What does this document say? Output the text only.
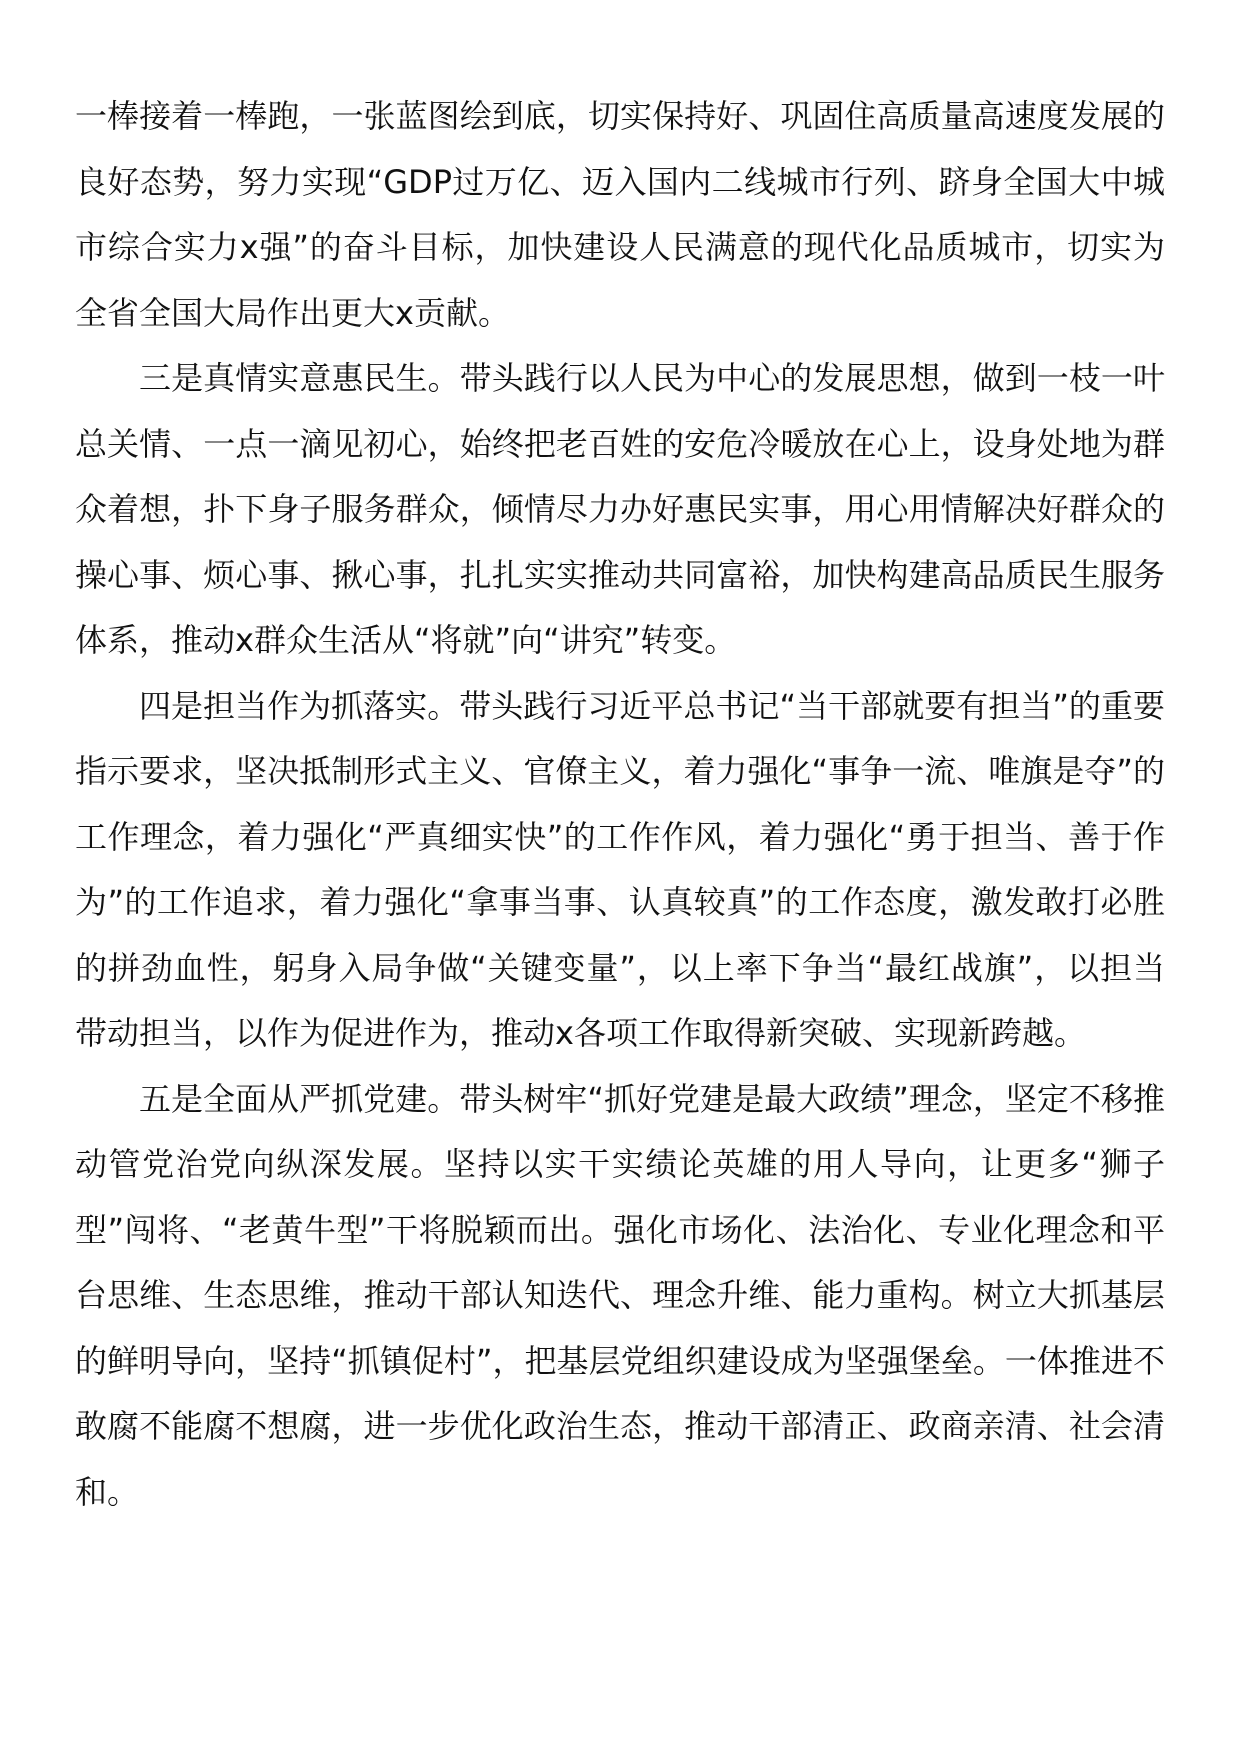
一棒接着一棒跑，一张蓝图绘到底，切实保持好、巩固住高质量高速度发展的良好态势，努力实现“GDP过万亿、迈入国内二线城市行列、跻身全国大中城市综合实力x强”的奋斗目标，加快建设人民满意的现代化品质城市，切实为全省全国大局作出更大x贡献。

三是真情实意惠民生。带头践行以人民为中心的发展思想，做到一枝一叶总关情、一点一滴见初心，始终把老百姓的安危冷暖放在心上，设身处地为群众着想，扑下身子服务群众，倾情尽力办好惠民实事，用心用情解决好群众的操心事、烦心事、揪心事，扎扎实实推动共同富裕，加快构建高品质民生服务体系，推动x群众生活从“将就”向“讲究”转变。

四是担当作为抓落实。带头践行习近平总书记“当干部就要有担当”的重要指示要求，坚决抵制形式主义、官僚主义，着力强化“事争一流、唯旗是夺”的工作理念，着力强化“严真细实快”的工作作风，着力强化“勇于担当、善于作为”的工作追求，着力强化“拿事当事、认真较真”的工作态度，激发敢打必胜的拼劲血性，躬身入局争做“关键变量”，以上率下争当“最红战旗”，以担当带动担当，以作为促进作为，推动x各项工作取得新突破、实现新跨越。

五是全面从严抓党建。带头树牢“抓好党建是最大政绩”理念，坚定不移推动管党治党向纵深发展。坚持以实干实绩论英雄的用人导向，让更多“狮子型”闯将、“老黄牛型”干将脱颖而出。强化市场化、法治化、专业化理念和平台思维、生态思维，推动干部认知迭代、理念升维、能力重构。树立大抓基层的鲜明导向，坚持“抓镇促村”，把基层党组织建设成为坚强堡垒。一体推进不敢腐不能腐不想腐，进一步优化政治生态，推动干部清正、政商亲清、社会清和。
